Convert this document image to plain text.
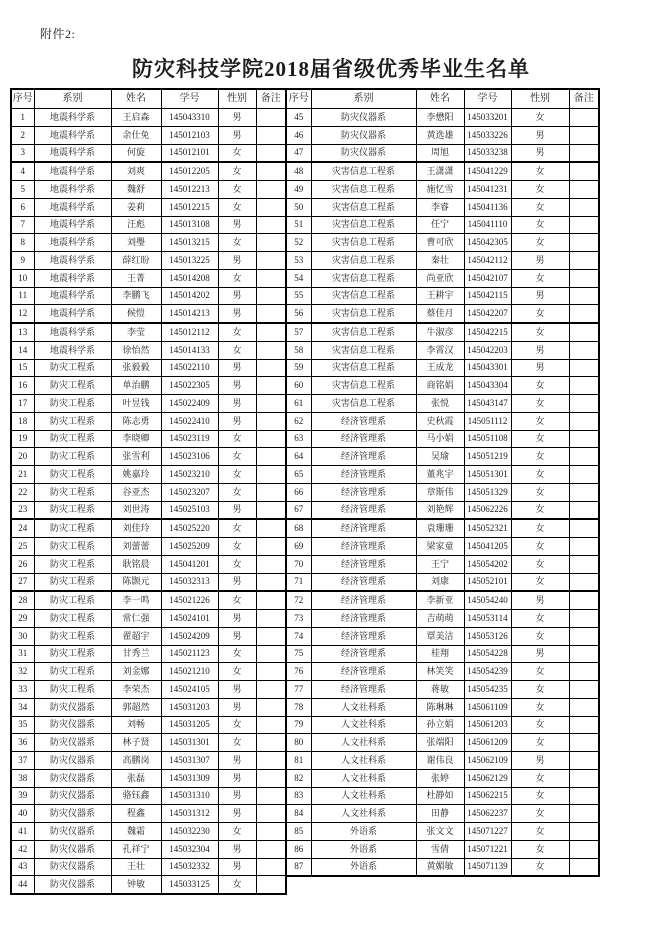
附件2:
防灾科技学院2018届省级优秀毕业生名单
序号	系别	姓名	学号	性别	备注
1	地震科学系	王启森	145043310	男	
2	地震科学系	余仕免	145012103	男	
3	地震科学系	何旋	145012101	女	
4	地震科学系	刘爽	145012205	女	
5	地震科学系	魏舒	145012213	女	
6	地震科学系	姜莉	145012215	女	
7	地震科学系	汪彪	145013108	男	
8	地震科学系	刘璺	145013215	女	
9	地震科学系	薛红盼	145013225	男	
10	地震科学系	王菁	145014208	女	
11	地震科学系	李鹏飞	145014202	男	
12	地震科学系	候愷	145014213	男	
13	地震科学系	李莹	145012112	女	
14	地震科学系	徐怡然	145014133	女	
15	防灾工程系	张毅毅	145022110	男	
16	防灾工程系	单治鹏	145022305	男	
17	防灾工程系	叶昱钱	145022409	男	
18	防灾工程系	陈志勇	145022410	男	
19	防灾工程系	李晓卿	145023119	女	
20	防灾工程系	张雪利	145023106	女	
21	防灾工程系	姚嘉玲	145023210	女	
22	防灾工程系	谷亚杰	145023207	女	
23	防灾工程系	刘世涛	145025103	男	
24	防灾工程系	刘佳玲	145025220	女	
25	防灾工程系	刘蕾蕾	145025209	女	
26	防灾工程系	耿铭晨	145041201	女	
27	防灾工程系	陈颢元	145032313	男	
28	防灾工程系	李一鸣	145021226	女	
29	防灾工程系	常仁强	145024101	男	
30	防灾工程系	翟超宇	145024209	男	
31	防灾工程系	甘秀兰	145021123	女	
32	防灾工程系	刘金娜	145021210	女	
33	防灾工程系	李荣杰	145024105	男	
34	防灾仪器系	郭超然	145031203	男	
35	防灾仪器系	刘畅	145031205	女	
36	防灾仪器系	林子贤	145031301	女	
37	防灾仪器系	高鹏岗	145031307	男	
38	防灾仪器系	张磊	145031309	男	
39	防灾仪器系	骆钰鑫	145031310	男	
40	防灾仪器系	程鑫	145031312	男	
41	防灾仪器系	魏霜	145032230	女	
42	防灾仪器系	孔祥宁	145032304	男	
43	防灾仪器系	王壮	145032332	男	
44	防灾仪器系	钟敏	145033125	女	
序号	系别	姓名	学号	性别	备注
45	防灾仪器系	李懋阳	145033201	女	
46	防灾仪器系	黄选雄	145033226	男	
47	防灾仪器系	周旭	145033238	男	
48	灾害信息工程系	王潇潇	145041229	女	
49	灾害信息工程系	施忆雪	145041231	女	
50	灾害信息工程系	李睿	145041136	女	
51	灾害信息工程系	任宁	145041110	女	
52	灾害信息工程系	曹可欣	145042305	女	
53	灾害信息工程系	秦壮	145042112	男	
54	灾害信息工程系	尚亚欣	145042107	女	
55	灾害信息工程系	王耕宇	145042115	男	
56	灾害信息工程系	蔡佳月	145042207	女	
57	灾害信息工程系	牛淑彦	145042215	女	
58	灾害信息工程系	李霄汉	145042203	男	
59	灾害信息工程系	王成龙	145043301	男	
60	灾害信息工程系	商铭娟	145043304	女	
61	灾害信息工程系	张悦	145043147	女	
62	经济管理系	史秋霞	145051112	女	
63	经济管理系	马小娟	145051108	女	
64	经济管理系	吴瑜	145051219	女	
65	经济管理系	董兆宇	145051301	女	
66	经济管理系	章斯伟	145051329	女	
67	经济管理系	刘艳辉	145062226	女	
68	经济管理系	袁珊珊	145052321	女	
69	经济管理系	梁家童	145041205	女	
70	经济管理系	王宁	145054202	女	
71	经济管理系	刘康	145052101	女	
72	经济管理系	李新亚	145054240	男	
73	经济管理系	吉萌萌	145053114	女	
74	经济管理系	覃美洁	145053126	女	
75	经济管理系	桂翔	145054228	男	
76	经济管理系	林笑笑	145054239	女	
77	经济管理系	蒋敏	145054235	女	
78	人文社科系	陈琳琳	145061109	女	
79	人文社科系	孙立娟	145061203	女	
80	人文社科系	张端阳	145061209	女	
81	人文社科系	谢伟良	145062109	男	
82	人文社科系	张婷	145062129	女	
83	人文社科系	杜静如	145062215	女	
84	人文社科系	田静	145062237	女	
85	外语系	张文文	145071227	女	
86	外语系	雪倩	145071221	女	
87	外语系	黄媚敏	145071139	女	
